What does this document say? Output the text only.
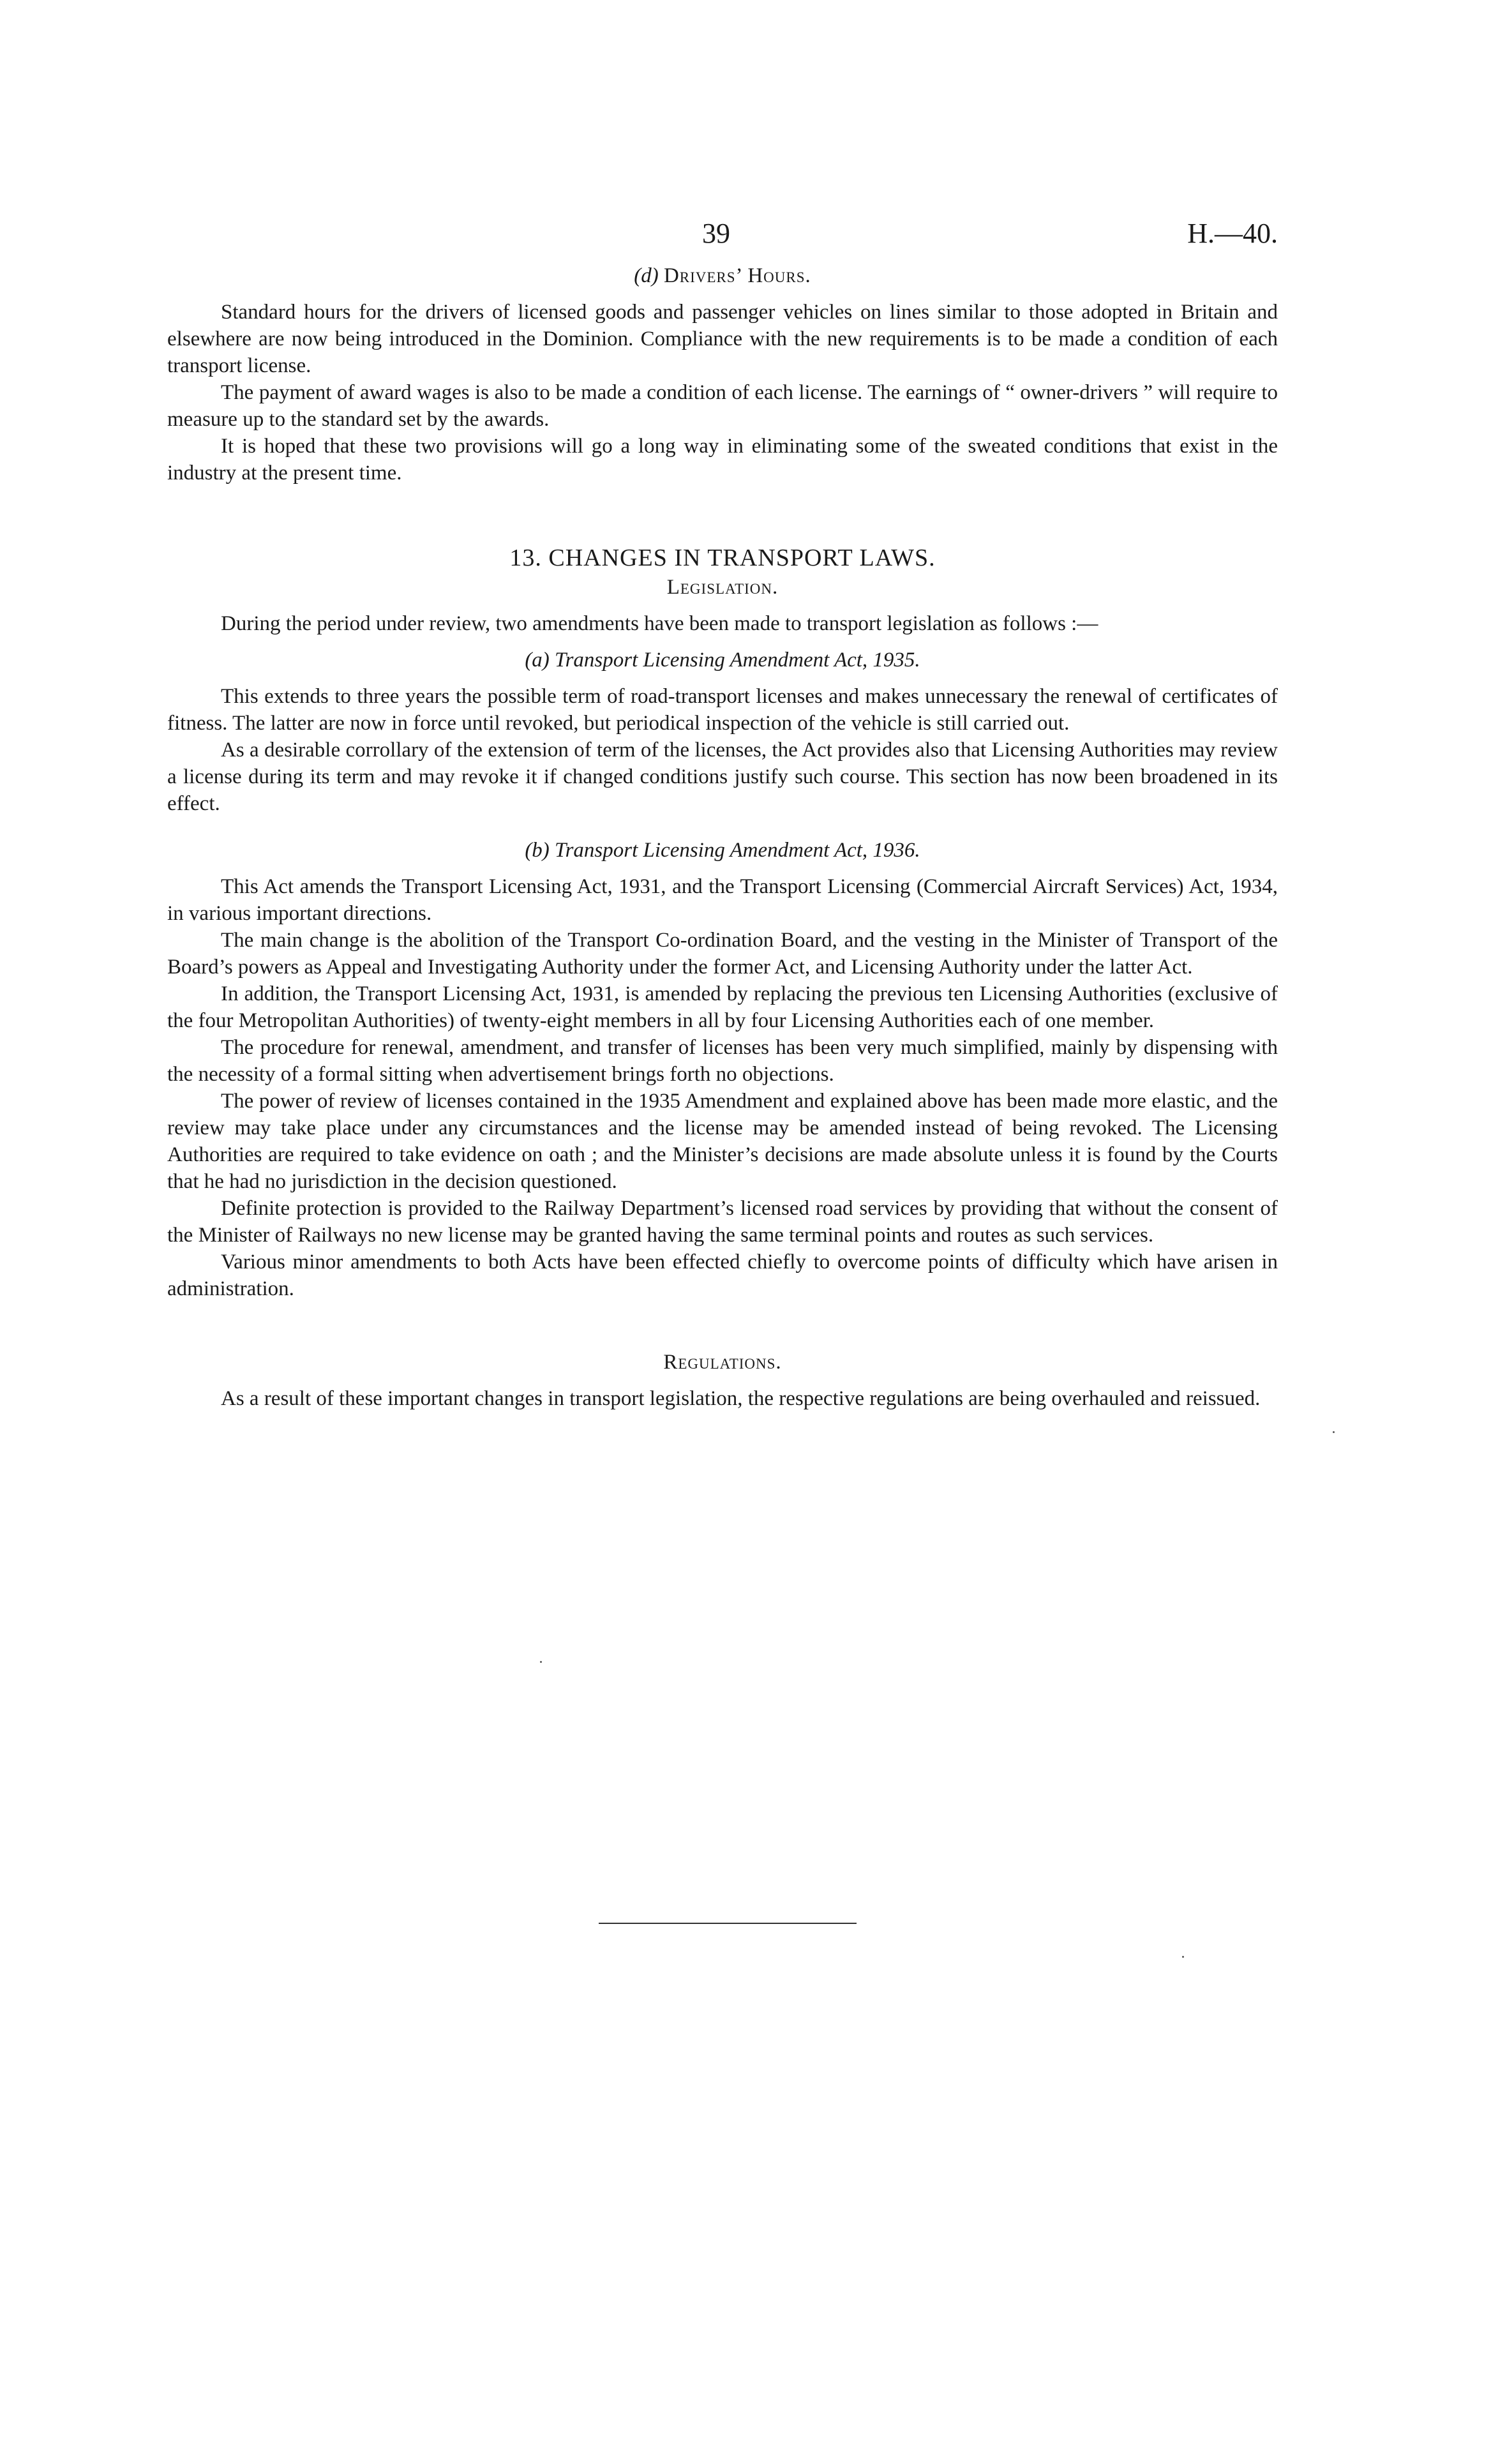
39	H.—40.

(d) Drivers’ Hours.

Standard hours for the drivers of licensed goods and passenger vehicles on lines similar to those adopted in Britain and elsewhere are now being introduced in the Dominion. Compliance with the new requirements is to be made a condition of each transport license.

The payment of award wages is also to be made a condition of each license. The earnings of “ owner-drivers ” will require to measure up to the standard set by the awards.

It is hoped that these two provisions will go a long way in eliminating some of the sweated conditions that exist in the industry at the present time.

13. CHANGES IN TRANSPORT LAWS.

Legislation.

During the period under review, two amendments have been made to transport legislation as follows :—

(a) Transport Licensing Amendment Act, 1935.

This extends to three years the possible term of road-transport licenses and makes unnecessary the renewal of certificates of fitness. The latter are now in force until revoked, but periodical inspection of the vehicle is still carried out.

As a desirable corrollary of the extension of term of the licenses, the Act provides also that Licensing Authorities may review a license during its term and may revoke it if changed conditions justify such course. This section has now been broadened in its effect.

(b) Transport Licensing Amendment Act, 1936.

This Act amends the Transport Licensing Act, 1931, and the Transport Licensing (Commercial Aircraft Services) Act, 1934, in various important directions.

The main change is the abolition of the Transport Co-ordination Board, and the vesting in the Minister of Transport of the Board’s powers as Appeal and Investigating Authority under the former Act, and Licensing Authority under the latter Act.

In addition, the Transport Licensing Act, 1931, is amended by replacing the previous ten Licensing Authorities (exclusive of the four Metropolitan Authorities) of twenty-eight members in all by four Licensing Authorities each of one member.

The procedure for renewal, amendment, and transfer of licenses has been very much simplified, mainly by dispensing with the necessity of a formal sitting when advertisement brings forth no objections.

The power of review of licenses contained in the 1935 Amendment and explained above has been made more elastic, and the review may take place under any circumstances and the license may be amended instead of being revoked. The Licensing Authorities are required to take evidence on oath ; and the Minister’s decisions are made absolute unless it is found by the Courts that he had no jurisdiction in the decision questioned.

Definite protection is provided to the Railway Department’s licensed road services by providing that without the consent of the Minister of Railways no new license may be granted having the same terminal points and routes as such services.

Various minor amendments to both Acts have been effected chiefly to overcome points of difficulty which have arisen in administration.

Regulations.

As a result of these important changes in transport legislation, the respective regulations are being overhauled and reissued.
